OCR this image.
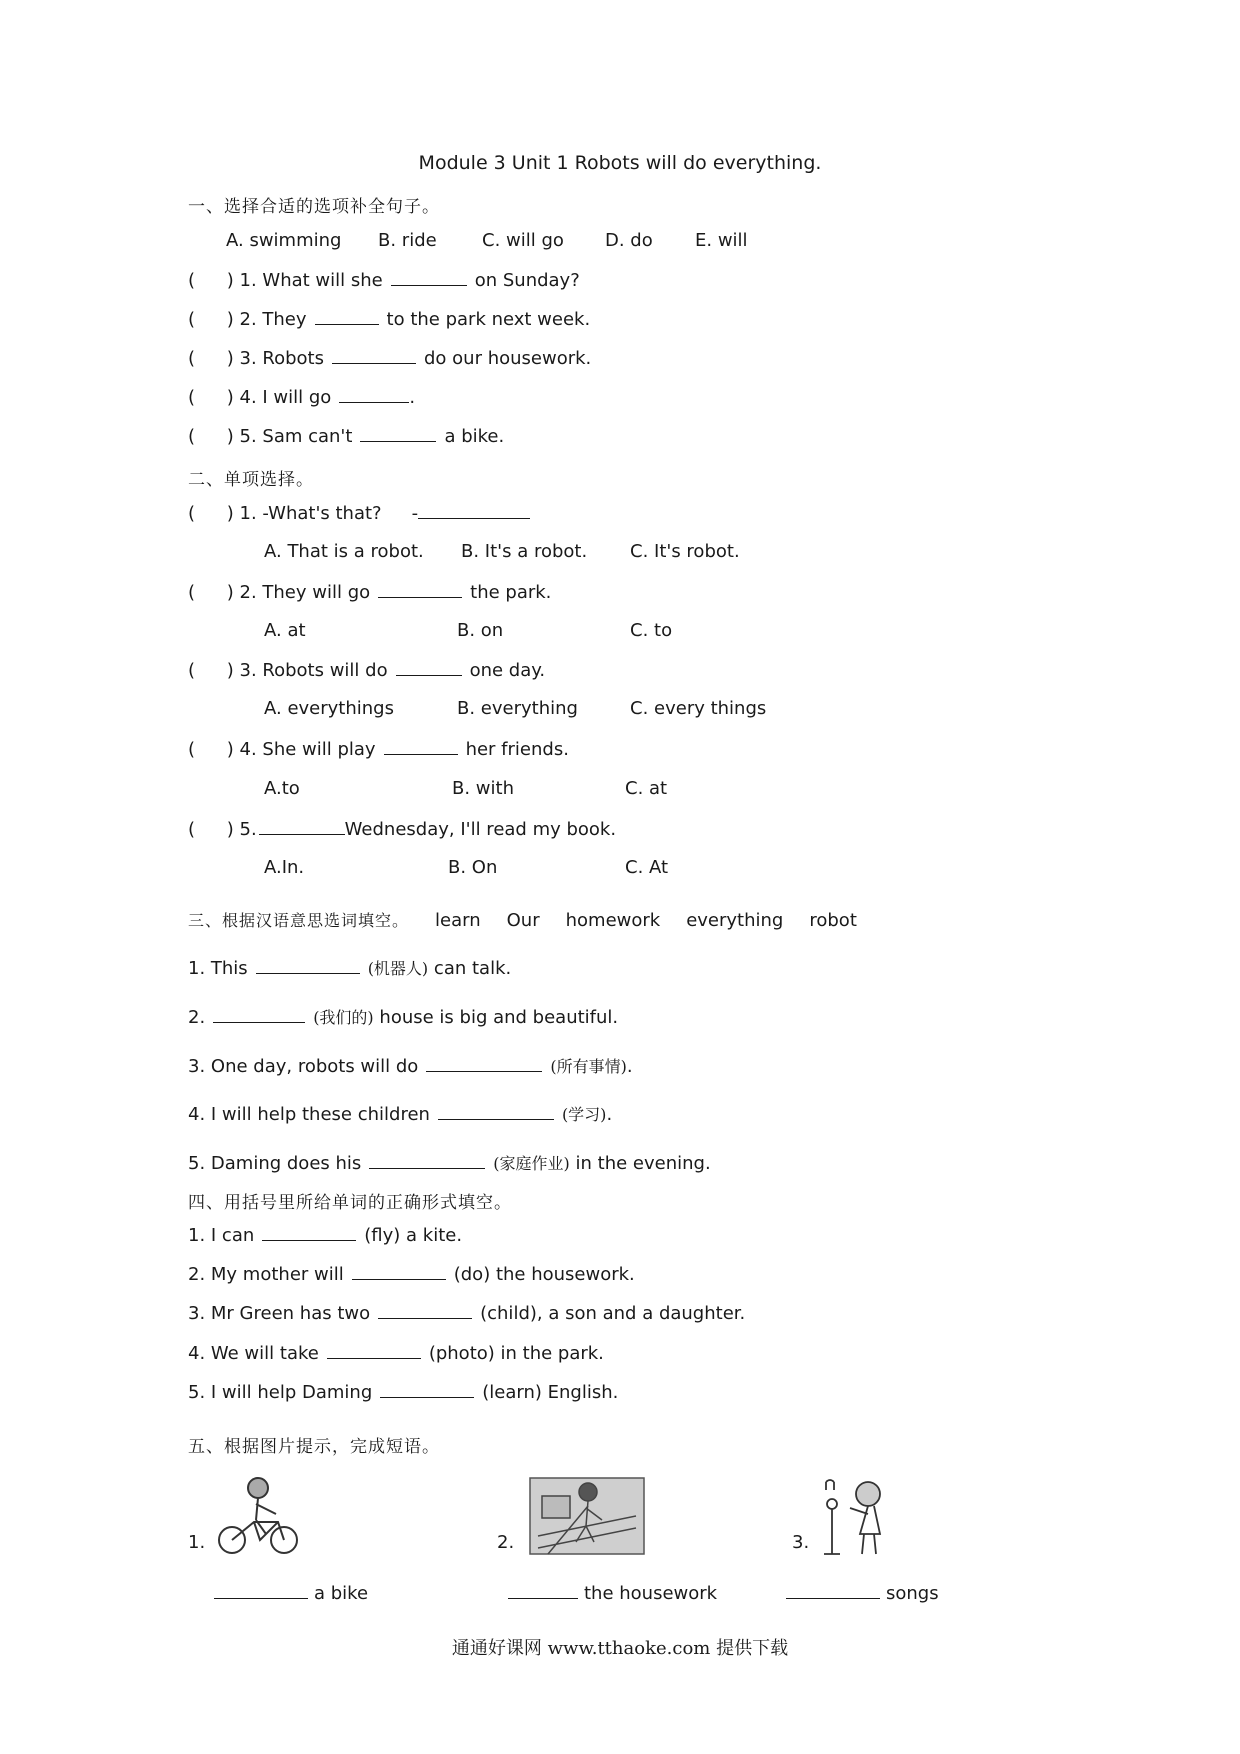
Module 3 Unit 1 Robots will do everything.
一、选择合适的选项补全句子。
A. swimming B. ride	C. will go D. do E. will
( ) 1. What will she	on Sunday?
( ) 2. They	to the park next week.
( ) 3. Robots	do our housework.
( ) 4. I will go	.
( ) 5. Sam can't	a bike.
二、单项选择。
( ) 1. -What's that? -
A. That is a robot. B. It's a robot. C. It's robot.
( ) 2. They will go	the park.
A. at	B. on	C. to
( ) 3. Robots will do	one day.
A. everythings	B. everything	C. every things
( ) 4. She will play	her friends.
A.to	B. with	C. at
( ) 5.	Wednesday, I'll read my book.
A.In.	B. On	C. At
三、根据汉语意思选词填空。 learn Our homework everything robot
1. This	(机器人) can talk.
2.	(我们的) house is big and beautiful.
3. One day, robots will do	(所有事情).
4. I will help these children	(学习).
5. Daming does his	(家庭作业) in the evening.
四、用括号里所给单词的正确形式填空。
1. I can	(fly) a kite.
2. My mother will	(do) the housework.
3. Mr Green has two	(child), a son and a daughter.
4. We will take	(photo) in the park.
5. I will help Daming	(learn) English.
五、根据图片提示，完成短语。
1.	2.	3.
a bike	the housework	songs
通通好课网 www.tthaoke.com 提供下载
